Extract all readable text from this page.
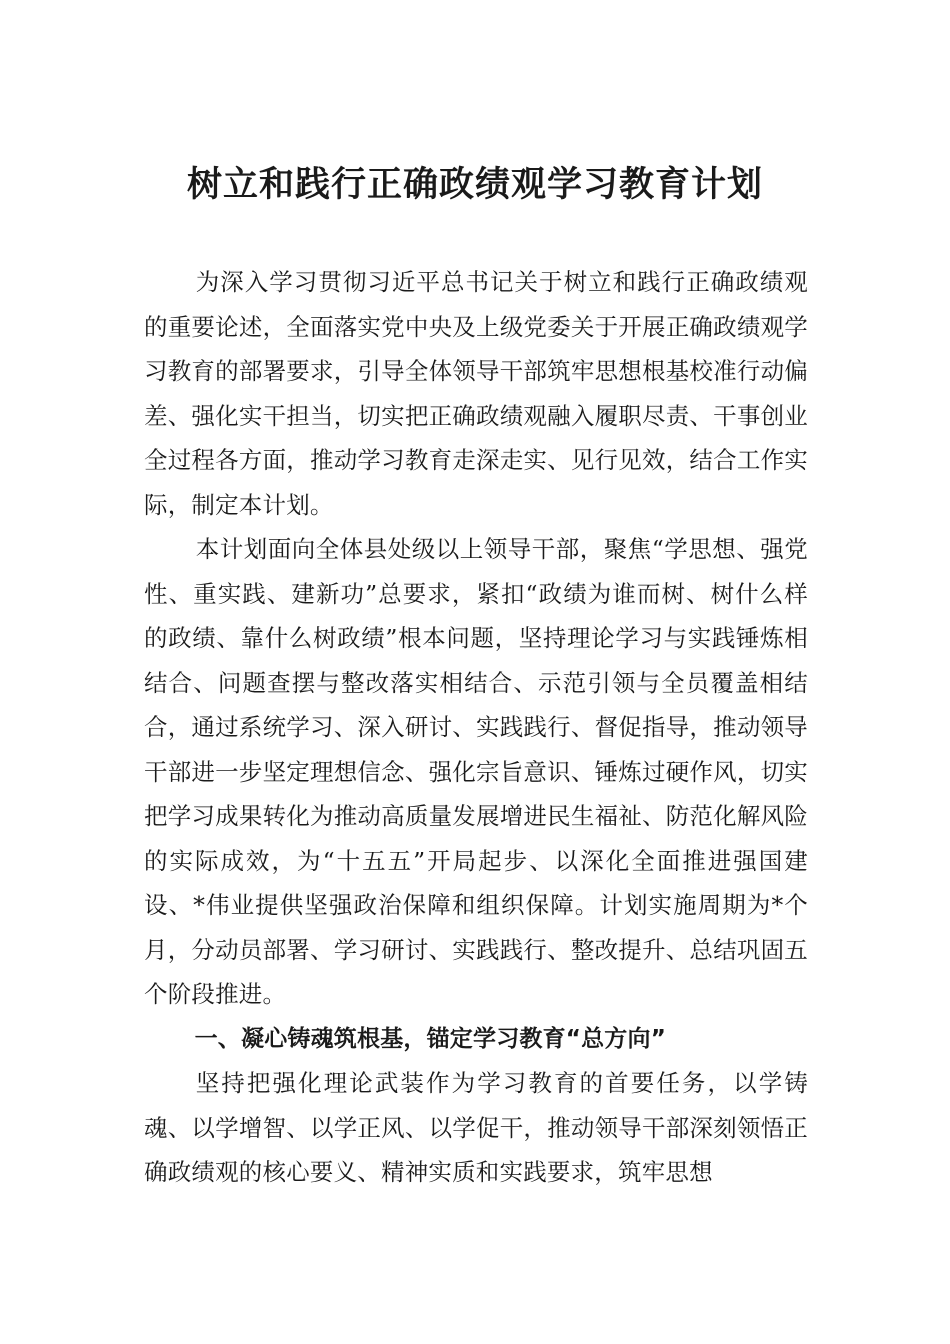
树立和践行正确政绩观学习教育计划

为深入学习贯彻习近平总书记关于树立和践行正确政绩观的重要论述，全面落实党中央及上级党委关于开展正确政绩观学习教育的部署要求，引导全体领导干部筑牢思想根基校准行动偏差、强化实干担当，切实把正确政绩观融入履职尽责、干事创业全过程各方面，推动学习教育走深走实、见行见效，结合工作实际，制定本计划。

本计划面向全体县处级以上领导干部，聚焦“学思想、强党性、重实践、建新功”总要求，紧扣“政绩为谁而树、树什么样的政绩、靠什么树政绩”根本问题，坚持理论学习与实践锤炼相结合、问题查摆与整改落实相结合、示范引领与全员覆盖相结合，通过系统学习、深入研讨、实践践行、督促指导，推动领导干部进一步坚定理想信念、强化宗旨意识、锤炼过硬作风，切实把学习成果转化为推动高质量发展增进民生福祉、防范化解风险的实际成效，为“十五五”开局起步、以深化全面推进强国建设、*伟业提供坚强政治保障和组织保障。计划实施周期为*个月，分动员部署、学习研讨、实践践行、整改提升、总结巩固五个阶段推进。

一、凝心铸魂筑根基，锚定学习教育“总方向”

坚持把强化理论武装作为学习教育的首要任务，以学铸魂、以学增智、以学正风、以学促干，推动领导干部深刻领悟正确政绩观的核心要义、精神实质和实践要求，筑牢思想
